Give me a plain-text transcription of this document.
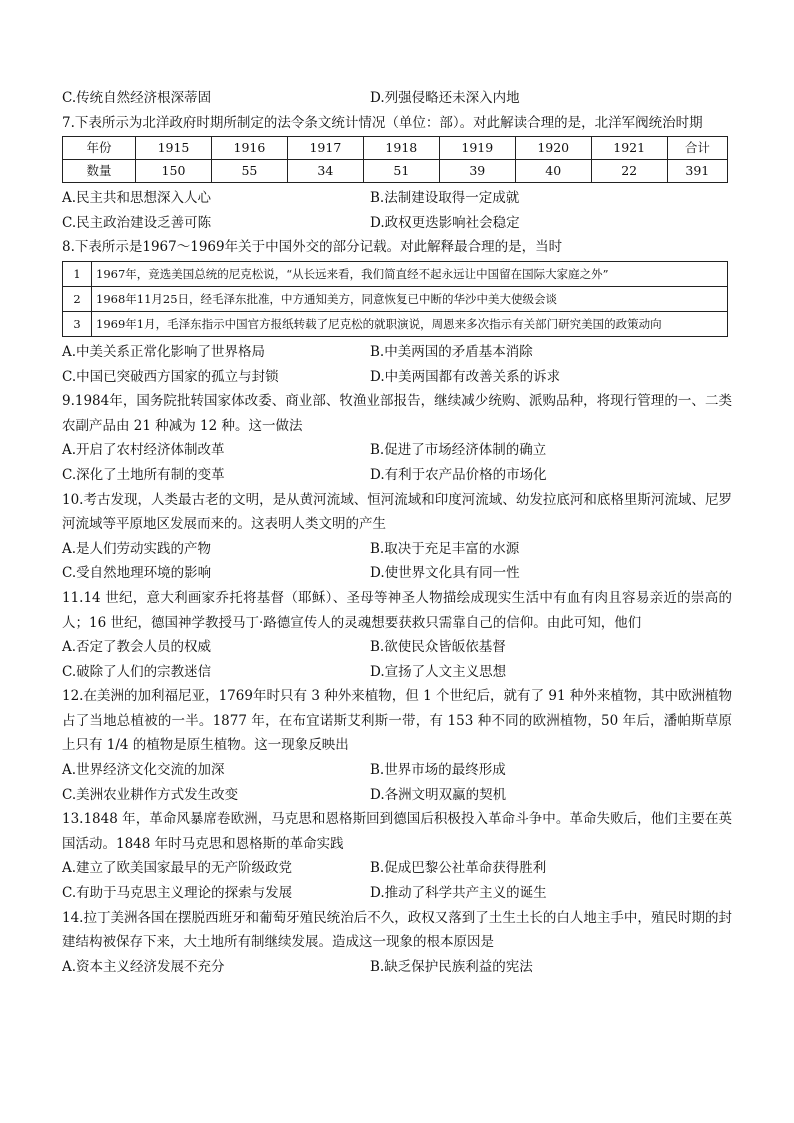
C.传统自然经济根深蒂固	D.列强侵略还未深入内地
7.下表所示为北洋政府时期所制定的法令条文统计情况（单位：部）。对此解读合理的是，北洋军阀统治时期
年份	1915	1916	1917	1918	1919	1920	1921	合计
数量	150	55	34	51	39	40	22	391
A.民主共和思想深入人心	B.法制建设取得一定成就
C.民主政治建设乏善可陈	D.政权更迭影响社会稳定
8.下表所示是1967～1969年关于中国外交的部分记载。对此解释最合理的是，当时
1	1967年，竞选美国总统的尼克松说，“从长远来看，我们简直经不起永远让中国留在国际大家庭之外”
2	1968年11月25日，经毛泽东批准，中方通知美方，同意恢复已中断的华沙中美大使级会谈
3	1969年1月，毛泽东指示中国官方报纸转载了尼克松的就职演说，周恩来多次指示有关部门研究美国的政策动向
A.中美关系正常化影响了世界格局	B.中美两国的矛盾基本消除
C.中国已突破西方国家的孤立与封锁	D.中美两国都有改善关系的诉求
9.1984年，国务院批转国家体改委、商业部、牧渔业部报告，继续减少统购、派购品种，将现行管理的一、二类农副产品由 21 种减为 12 种。这一做法
A.开启了农村经济体制改革	B.促进了市场经济体制的确立
C.深化了土地所有制的变革	D.有利于农产品价格的市场化
10.考古发现，人类最古老的文明，是从黄河流域、恒河流域和印度河流域、幼发拉底河和底格里斯河流域、尼罗河流域等平原地区发展而来的。这表明人类文明的产生
A.是人们劳动实践的产物	B.取决于充足丰富的水源
C.受自然地理环境的影响	D.使世界文化具有同一性
11.14 世纪，意大利画家乔托将基督（耶稣）、圣母等神圣人物描绘成现实生活中有血有肉且容易亲近的崇高的人；16 世纪，德国神学教授马丁·路德宣传人的灵魂想要获救只需靠自己的信仰。由此可知，他们
A.否定了教会人员的权威	B.欲使民众皆皈依基督
C.破除了人们的宗教迷信	D.宣扬了人文主义思想
12.在美洲的加利福尼亚，1769年时只有 3 种外来植物，但 1 个世纪后，就有了 91 种外来植物，其中欧洲植物占了当地总植被的一半。1877 年，在布宜诺斯艾利斯一带，有 153 种不同的欧洲植物，50 年后，潘帕斯草原上只有 1/4 的植物是原生植物。这一现象反映出
A.世界经济文化交流的加深	B.世界市场的最终形成
C.美洲农业耕作方式发生改变	D.各洲文明双赢的契机
13.1848 年，革命风暴席卷欧洲，马克思和恩格斯回到德国后积极投入革命斗争中。革命失败后，他们主要在英国活动。1848 年时马克思和恩格斯的革命实践
A.建立了欧美国家最早的无产阶级政党	B.促成巴黎公社革命获得胜利
C.有助于马克思主义理论的探索与发展	D.推动了科学共产主义的诞生
14.拉丁美洲各国在摆脱西班牙和葡萄牙殖民统治后不久，政权又落到了土生土长的白人地主手中，殖民时期的封建结构被保存下来，大土地所有制继续发展。造成这一现象的根本原因是
A.资本主义经济发展不充分	B.缺乏保护民族利益的宪法
